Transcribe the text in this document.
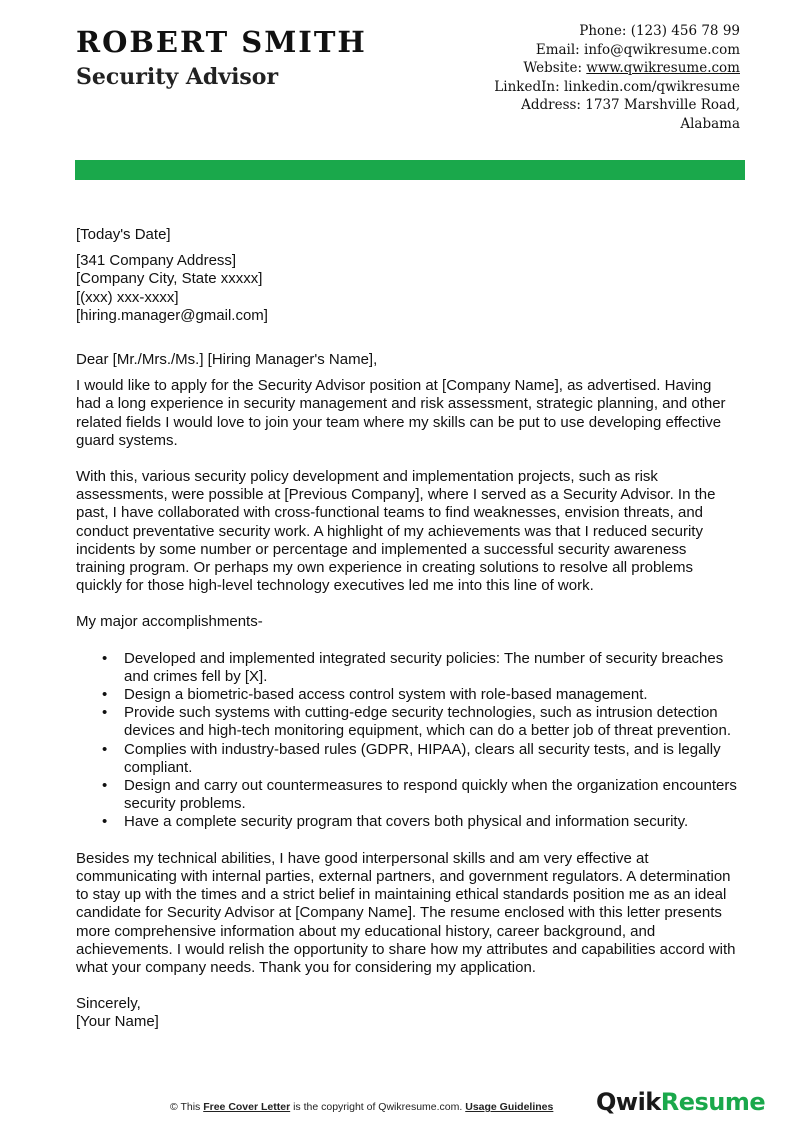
ROBERT SMITH
Security Advisor
Phone: (123) 456 78 99
Email: info@qwikresume.com
Website: www.qwikresume.com
LinkedIn: linkedin.com/qwikresume
Address: 1737 Marshville Road,
Alabama

[Today's Date]

[341 Company Address]

[Company City, State xxxxx]

[(xxx) xxx-xxxx]

[hiring.manager@gmail.com]

Dear [Mr./Mrs./Ms.] [Hiring Manager's Name],

I would like to apply for the Security Advisor position at [Company Name], as advertised. Having had a long experience in security management and risk assessment, strategic planning, and other related fields I would love to join your team where my skills can be put to use developing effective guard systems.

With this, various security policy development and implementation projects, such as risk assessments, were possible at [Previous Company], where I served as a Security Advisor. In the past, I have collaborated with cross-functional teams to find weaknesses, envision threats, and conduct preventative security work. A highlight of my achievements was that I reduced security incidents by some number or percentage and implemented a successful security awareness training program. Or perhaps my own experience in creating solutions to resolve all problems quickly for those high-level technology executives led me into this line of work.

My major accomplishments-

• Developed and implemented integrated security policies: The number of security breaches and crimes fell by [X].
• Design a biometric-based access control system with role-based management.
• Provide such systems with cutting-edge security technologies, such as intrusion detection devices and high-tech monitoring equipment, which can do a better job of threat prevention.
• Complies with industry-based rules (GDPR, HIPAA), clears all security tests, and is legally compliant.
• Design and carry out countermeasures to respond quickly when the organization encounters security problems.
• Have a complete security program that covers both physical and information security.

Besides my technical abilities, I have good interpersonal skills and am very effective at communicating with internal parties, external partners, and government regulators. A determination to stay up with the times and a strict belief in maintaining ethical standards position me as an ideal candidate for Security Advisor at [Company Name]. The resume enclosed with this letter presents more comprehensive information about my educational history, career background, and achievements. I would relish the opportunity to share how my attributes and capabilities accord with what your company needs. Thank you for considering my application.

Sincerely,

[Your Name]

© This Free Cover Letter is the copyright of Qwikresume.com. Usage Guidelines QwikResume
